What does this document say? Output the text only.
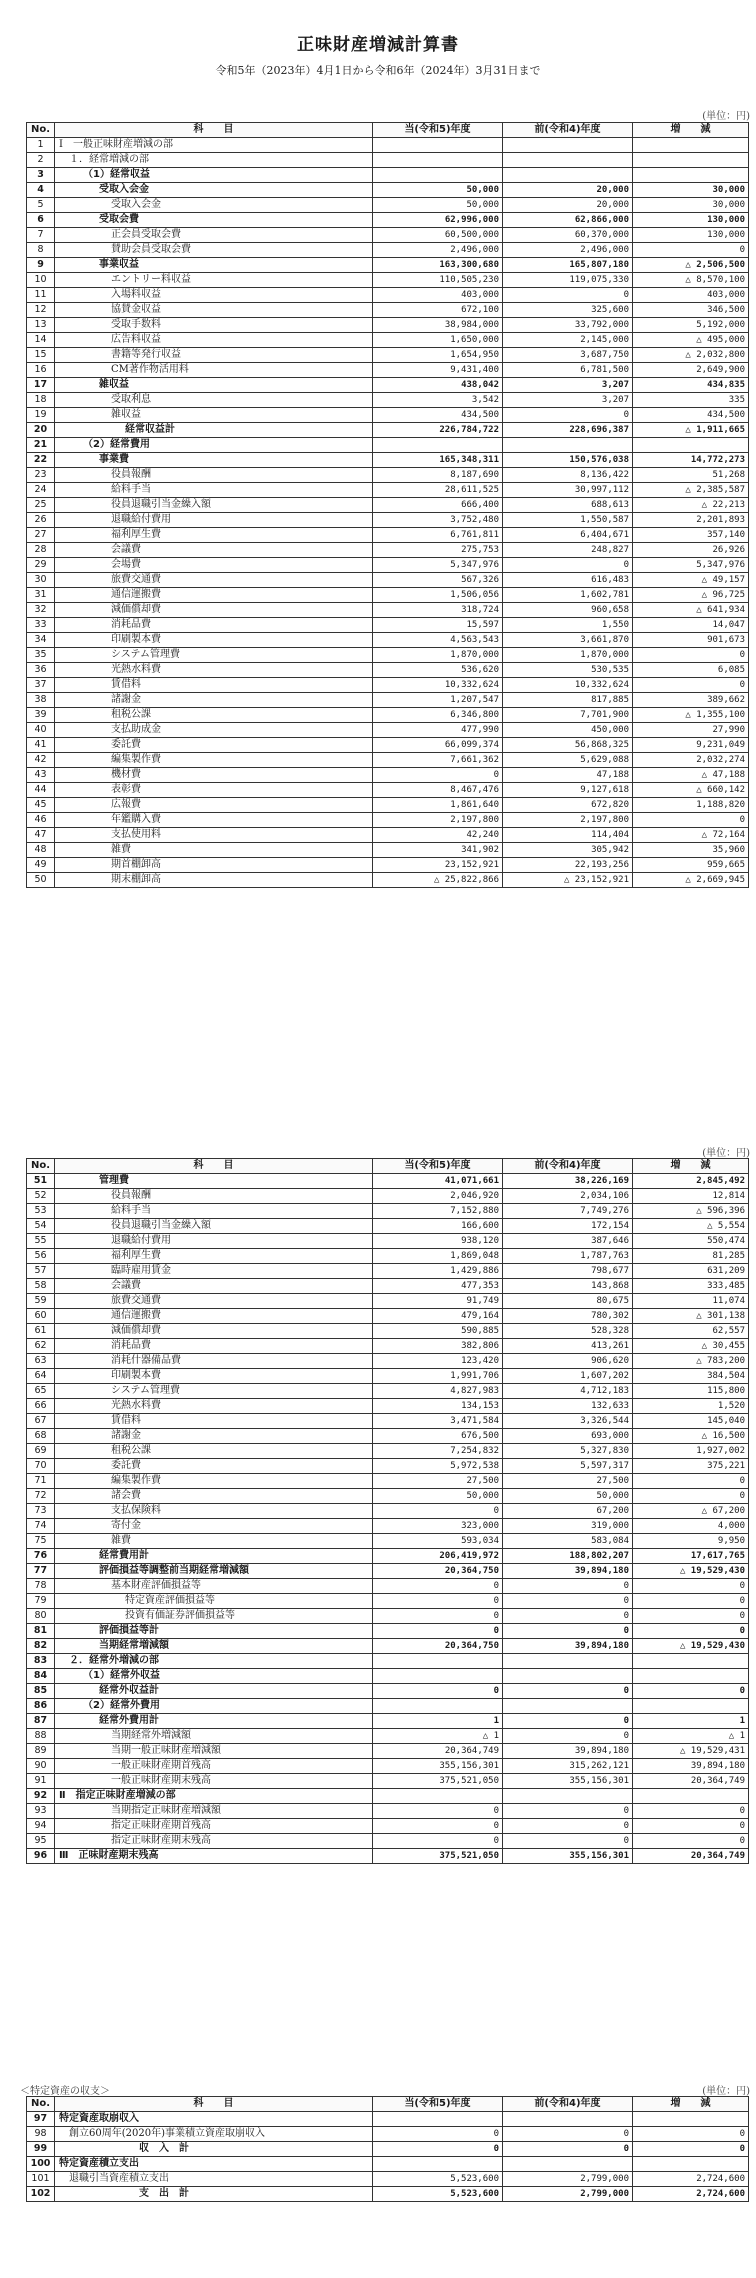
正味財産増減計算書
令和5年（2023年）4月1日から令和6年（2024年）3月31日まで
(単位：円)
No.	科　　目	当(令和5)年度	前(令和4)年度	増　　減
1	Ⅰ　一般正味財産増減の部			
2	１．経常増減の部			
3	（1）経常収益			
4	受取入会金	50,000	20,000	30,000
5	受取入会金	50,000	20,000	30,000
6	受取会費	62,996,000	62,866,000	130,000
7	正会員受取会費	60,500,000	60,370,000	130,000
8	賛助会員受取会費	2,496,000	2,496,000	0
9	事業収益	163,300,680	165,807,180	△ 2,506,500
10	エントリー料収益	110,505,230	119,075,330	△ 8,570,100
11	入場料収益	403,000	0	403,000
12	協賛金収益	672,100	325,600	346,500
13	受取手数料	38,984,000	33,792,000	5,192,000
14	広告料収益	1,650,000	2,145,000	△ 495,000
15	書籍等発行収益	1,654,950	3,687,750	△ 2,032,800
16	CM著作物活用料	9,431,400	6,781,500	2,649,900
17	雑収益	438,042	3,207	434,835
18	受取利息	3,542	3,207	335
19	雑収益	434,500	0	434,500
20	経常収益計	226,784,722	228,696,387	△ 1,911,665
21	（2）経常費用			
22	事業費	165,348,311	150,576,038	14,772,273
23	役員報酬	8,187,690	8,136,422	51,268
24	給料手当	28,611,525	30,997,112	△ 2,385,587
25	役員退職引当金繰入額	666,400	688,613	△ 22,213
26	退職給付費用	3,752,480	1,550,587	2,201,893
27	福利厚生費	6,761,811	6,404,671	357,140
28	会議費	275,753	248,827	26,926
29	会場費	5,347,976	0	5,347,976
30	旅費交通費	567,326	616,483	△ 49,157
31	通信運搬費	1,506,056	1,602,781	△ 96,725
32	減価償却費	318,724	960,658	△ 641,934
33	消耗品費	15,597	1,550	14,047
34	印刷製本費	4,563,543	3,661,870	901,673
35	システム管理費	1,870,000	1,870,000	0
36	光熱水料費	536,620	530,535	6,085
37	賃借料	10,332,624	10,332,624	0
38	諸謝金	1,207,547	817,885	389,662
39	租税公課	6,346,800	7,701,900	△ 1,355,100
40	支払助成金	477,990	450,000	27,990
41	委託費	66,099,374	56,868,325	9,231,049
42	編集製作費	7,661,362	5,629,088	2,032,274
43	機材費	0	47,188	△ 47,188
44	表彰費	8,467,476	9,127,618	△ 660,142
45	広報費	1,861,640	672,820	1,188,820
46	年鑑購入費	2,197,800	2,197,800	0
47	支払使用料	42,240	114,404	△ 72,164
48	雑費	341,902	305,942	35,960
49	期首棚卸高	23,152,921	22,193,256	959,665
50	期末棚卸高	△ 25,822,866	△ 23,152,921	△ 2,669,945
(単位：円)
No.	科　　目	当(令和5)年度	前(令和4)年度	増　　減
51	管理費	41,071,661	38,226,169	2,845,492
52	役員報酬	2,046,920	2,034,106	12,814
53	給料手当	7,152,880	7,749,276	△ 596,396
54	役員退職引当金繰入額	166,600	172,154	△ 5,554
55	退職給付費用	938,120	387,646	550,474
56	福利厚生費	1,869,048	1,787,763	81,285
57	臨時雇用賃金	1,429,886	798,677	631,209
58	会議費	477,353	143,868	333,485
59	旅費交通費	91,749	80,675	11,074
60	通信運搬費	479,164	780,302	△ 301,138
61	減価償却費	590,885	528,328	62,557
62	消耗品費	382,806	413,261	△ 30,455
63	消耗什器備品費	123,420	906,620	△ 783,200
64	印刷製本費	1,991,706	1,607,202	384,504
65	システム管理費	4,827,983	4,712,183	115,800
66	光熱水料費	134,153	132,633	1,520
67	賃借料	3,471,584	3,326,544	145,040
68	諸謝金	676,500	693,000	△ 16,500
69	租税公課	7,254,832	5,327,830	1,927,002
70	委託費	5,972,538	5,597,317	375,221
71	編集製作費	27,500	27,500	0
72	諸会費	50,000	50,000	0
73	支払保険料	0	67,200	△ 67,200
74	寄付金	323,000	319,000	4,000
75	雑費	593,034	583,084	9,950
76	経常費用計	206,419,972	188,802,207	17,617,765
77	評価損益等調整前当期経常増減額	20,364,750	39,894,180	△ 19,529,430
78	基本財産評価損益等	0	0	0
79	特定資産評価損益等	0	0	0
80	投資有価証券評価損益等	0	0	0
81	評価損益等計	0	0	0
82	当期経常増減額	20,364,750	39,894,180	△ 19,529,430
83	２．経常外増減の部			
84	（1）経常外収益			
85	経常外収益計	0	0	0
86	（2）経常外費用			
87	経常外費用計	1	0	1
88	当期経常外増減額	△ 1	0	△ 1
89	当期一般正味財産増減額	20,364,749	39,894,180	△ 19,529,431
90	一般正味財産期首残高	355,156,301	315,262,121	39,894,180
91	一般正味財産期末残高	375,521,050	355,156,301	20,364,749
92	Ⅱ　指定正味財産増減の部			
93	当期指定正味財産増減額	0	0	0
94	指定正味財産期首残高	0	0	0
95	指定正味財産期末残高	0	0	0
96	Ⅲ　正味財産期末残高	375,521,050	355,156,301	20,364,749
＜特定資産の収支＞	(単位：円)
No.	科　　目	当(令和5)年度	前(令和4)年度	増　　減
97	特定資産取崩収入			
98	創立60周年(2020年)事業積立資産取崩収入	0	0	0
99	収　入　計	0	0	0
100	特定資産積立支出			
101	退職引当資産積立支出	5,523,600	2,799,000	2,724,600
102	支　出　計	5,523,600	2,799,000	2,724,600
